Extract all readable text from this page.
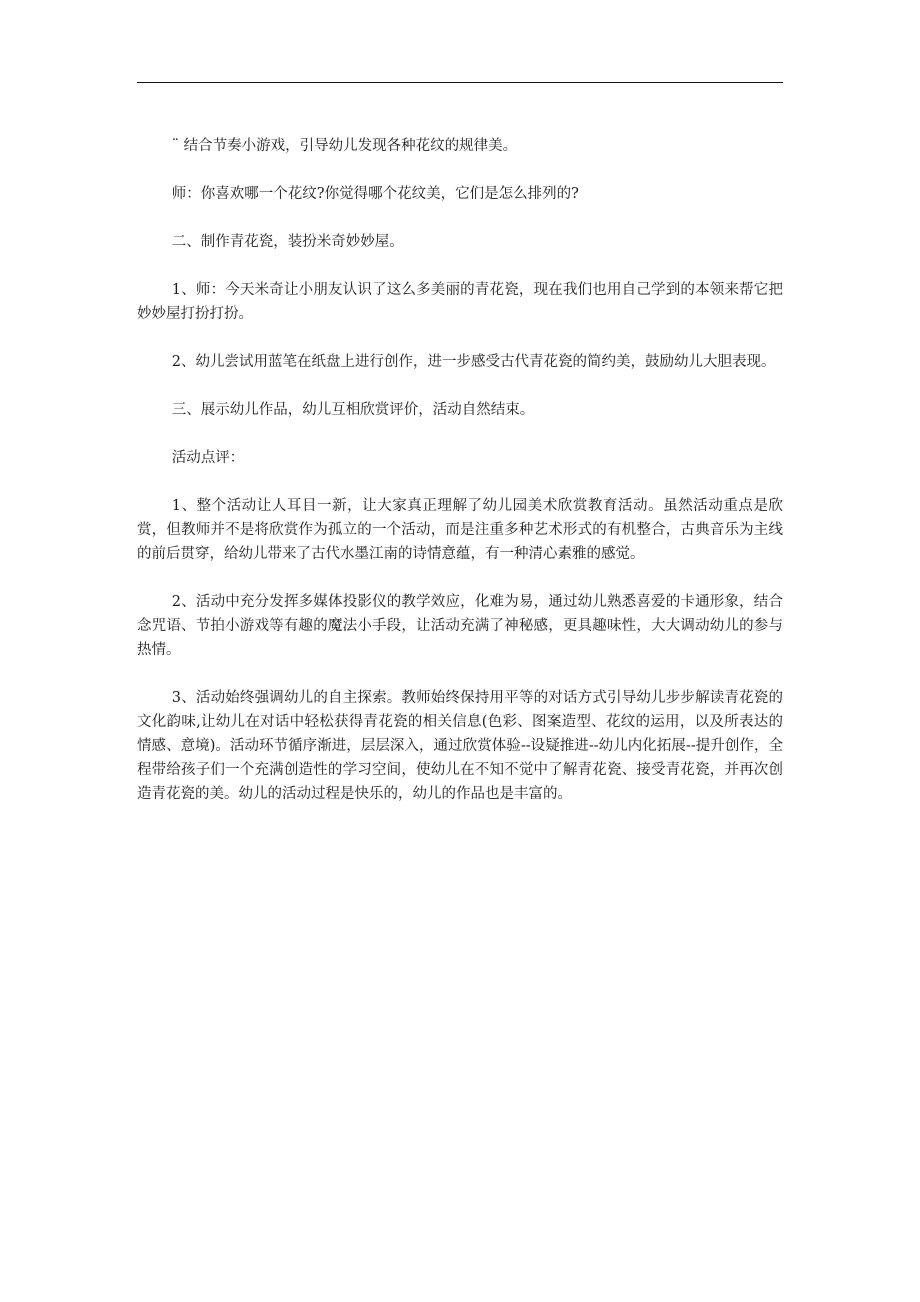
¨ 结合节奏小游戏，引导幼儿发现各种花纹的规律美。

师：你喜欢哪一个花纹?你觉得哪个花纹美，它们是怎么排列的?

二、制作青花瓷，装扮米奇妙妙屋。

1、师：今天米奇让小朋友认识了这么多美丽的青花瓷，现在我们也用自己学到的本领来帮它把妙妙屋打扮打扮。

2、幼儿尝试用蓝笔在纸盘上进行创作，进一步感受古代青花瓷的简约美，鼓励幼儿大胆表现。

三、展示幼儿作品，幼儿互相欣赏评价，活动自然结束。

活动点评：

1、整个活动让人耳目一新，让大家真正理解了幼儿园美术欣赏教育活动。虽然活动重点是欣赏，但教师并不是将欣赏作为孤立的一个活动，而是注重多种艺术形式的有机整合，古典音乐为主线的前后贯穿，给幼儿带来了古代水墨江南的诗情意蕴，有一种清心素雅的感觉。

2、活动中充分发挥多媒体投影仪的教学效应，化难为易，通过幼儿熟悉喜爱的卡通形象，结合念咒语、节拍小游戏等有趣的魔法小手段，让活动充满了神秘感，更具趣味性，大大调动幼儿的参与热情。

3、活动始终强调幼儿的自主探索。教师始终保持用平等的对话方式引导幼儿步步解读青花瓷的文化韵味,让幼儿在对话中轻松获得青花瓷的相关信息(色彩、图案造型、花纹的运用，以及所表达的情感、意境)。活动环节循序渐进，层层深入，通过欣赏体验--设疑推进--幼儿内化拓展--提升创作，全程带给孩子们一个充满创造性的学习空间，使幼儿在不知不觉中了解青花瓷、接受青花瓷，并再次创造青花瓷的美。幼儿的活动过程是快乐的，幼儿的作品也是丰富的。
